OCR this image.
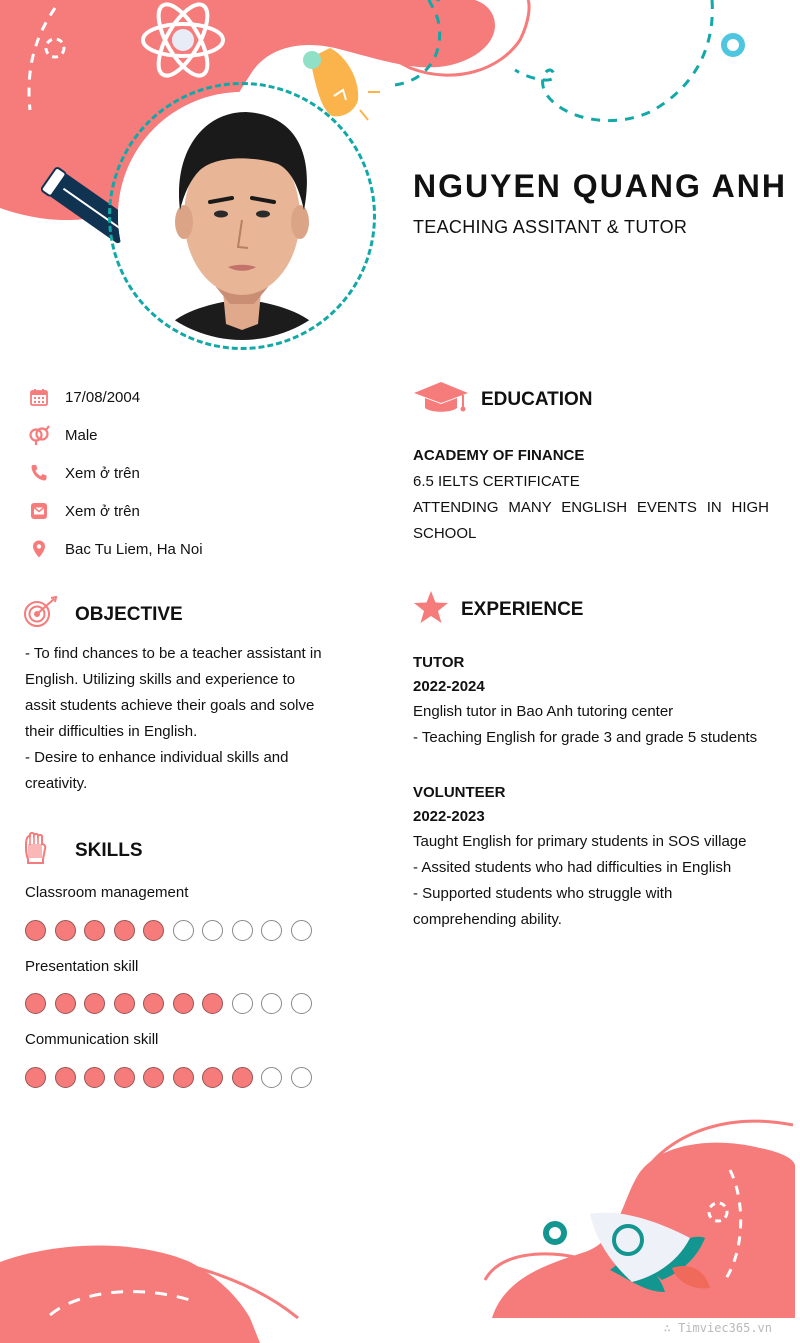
NGUYEN QUANG ANH
TEACHING ASSITANT & TUTOR
17/08/2004
Male
Xem ở trên
Xem ở trên
Bac Tu Liem, Ha Noi
OBJECTIVE

- To find chances to be a teacher assistant in English. Utilizing skills and experience to assit students achieve their goals and solve their difficulties in English.

- Desire to enhance individual skills and creativity.

SKILLS
Classroom management
Presentation skill
Communication skill
EDUCATION
ACADEMY OF FINANCE
6.5 IELTS CERTIFICATE
ATTENDING MANY ENGLISH EVENTS IN HIGH SCHOOL
EXPERIENCE
TUTOR
2022-2024
English tutor in Bao Anh tutoring center
- Teaching English for grade 3 and grade 5 students
VOLUNTEER
2022-2023
Taught English for primary students in SOS village
- Assited students who had difficulties in English
- Supported students who struggle with comprehending ability.
∴ Timviec365.vn
